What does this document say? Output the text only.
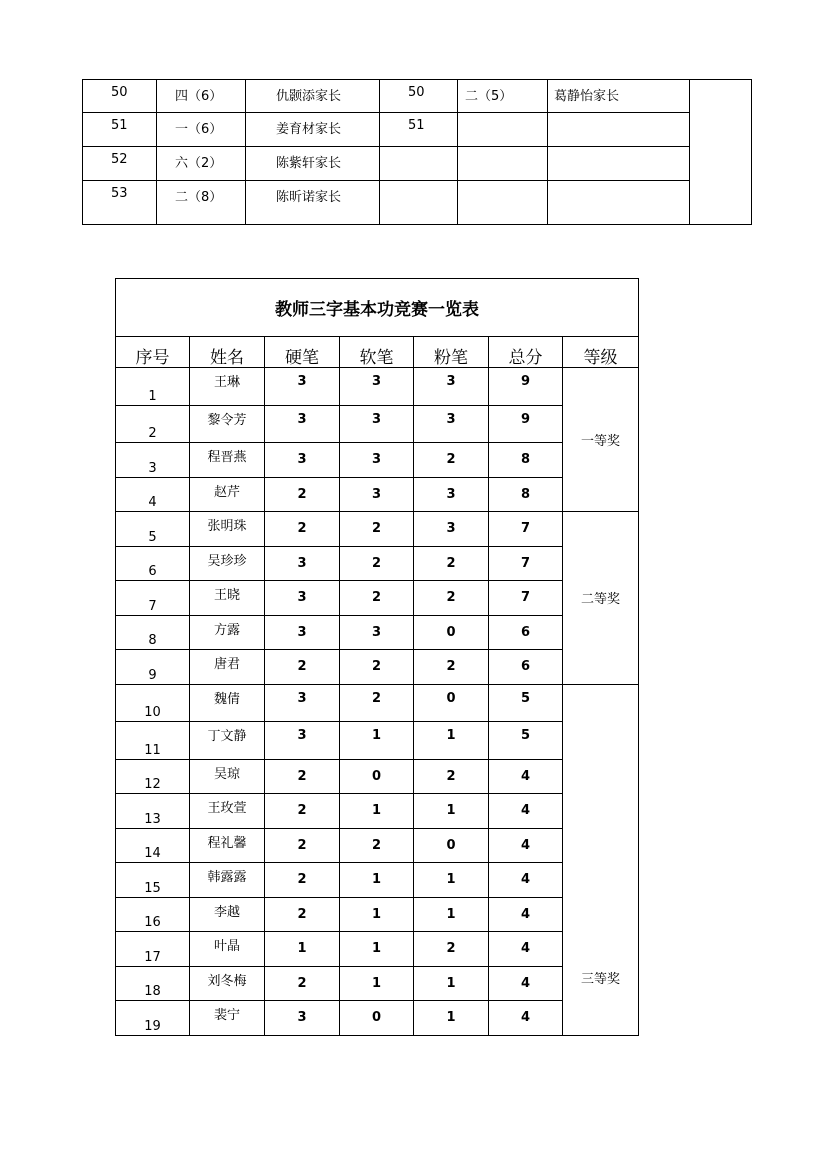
50	四（6）	仇颢添家长	50	二（5）	葛静怡家长	
51	一（6）	姜育材家长	51			
52	六（2）	陈紫轩家长				
53	二（8）	陈昕诺家长				
教师三字基本功竞赛一览表						
序号	姓名	硬笔	软笔	粉笔	总分	等级
1	王琳	3	3	3	9	一等奖
2	黎令芳	3	3	3	9	
3	程晋燕	3	3	2	8	
4	赵芹	2	3	3	8	
5	张明珠	2	2	3	7	二等奖
6	吴珍珍	3	2	2	7	
7	王晓	3	2	2	7	
8	方露	3	3	0	6	
9	唐君	2	2	2	6	
10	魏倩	3	2	0	5	三等奖
11	丁文静	3	1	1	5	
12	吴琼	2	0	2	4	
13	王玫萱	2	1	1	4	
14	程礼馨	2	2	0	4	
15	韩露露	2	1	1	4	
16	李越	2	1	1	4	
17	叶晶	1	1	2	4	
18	刘冬梅	2	1	1	4	
19	裴宁	3	0	1	4	
